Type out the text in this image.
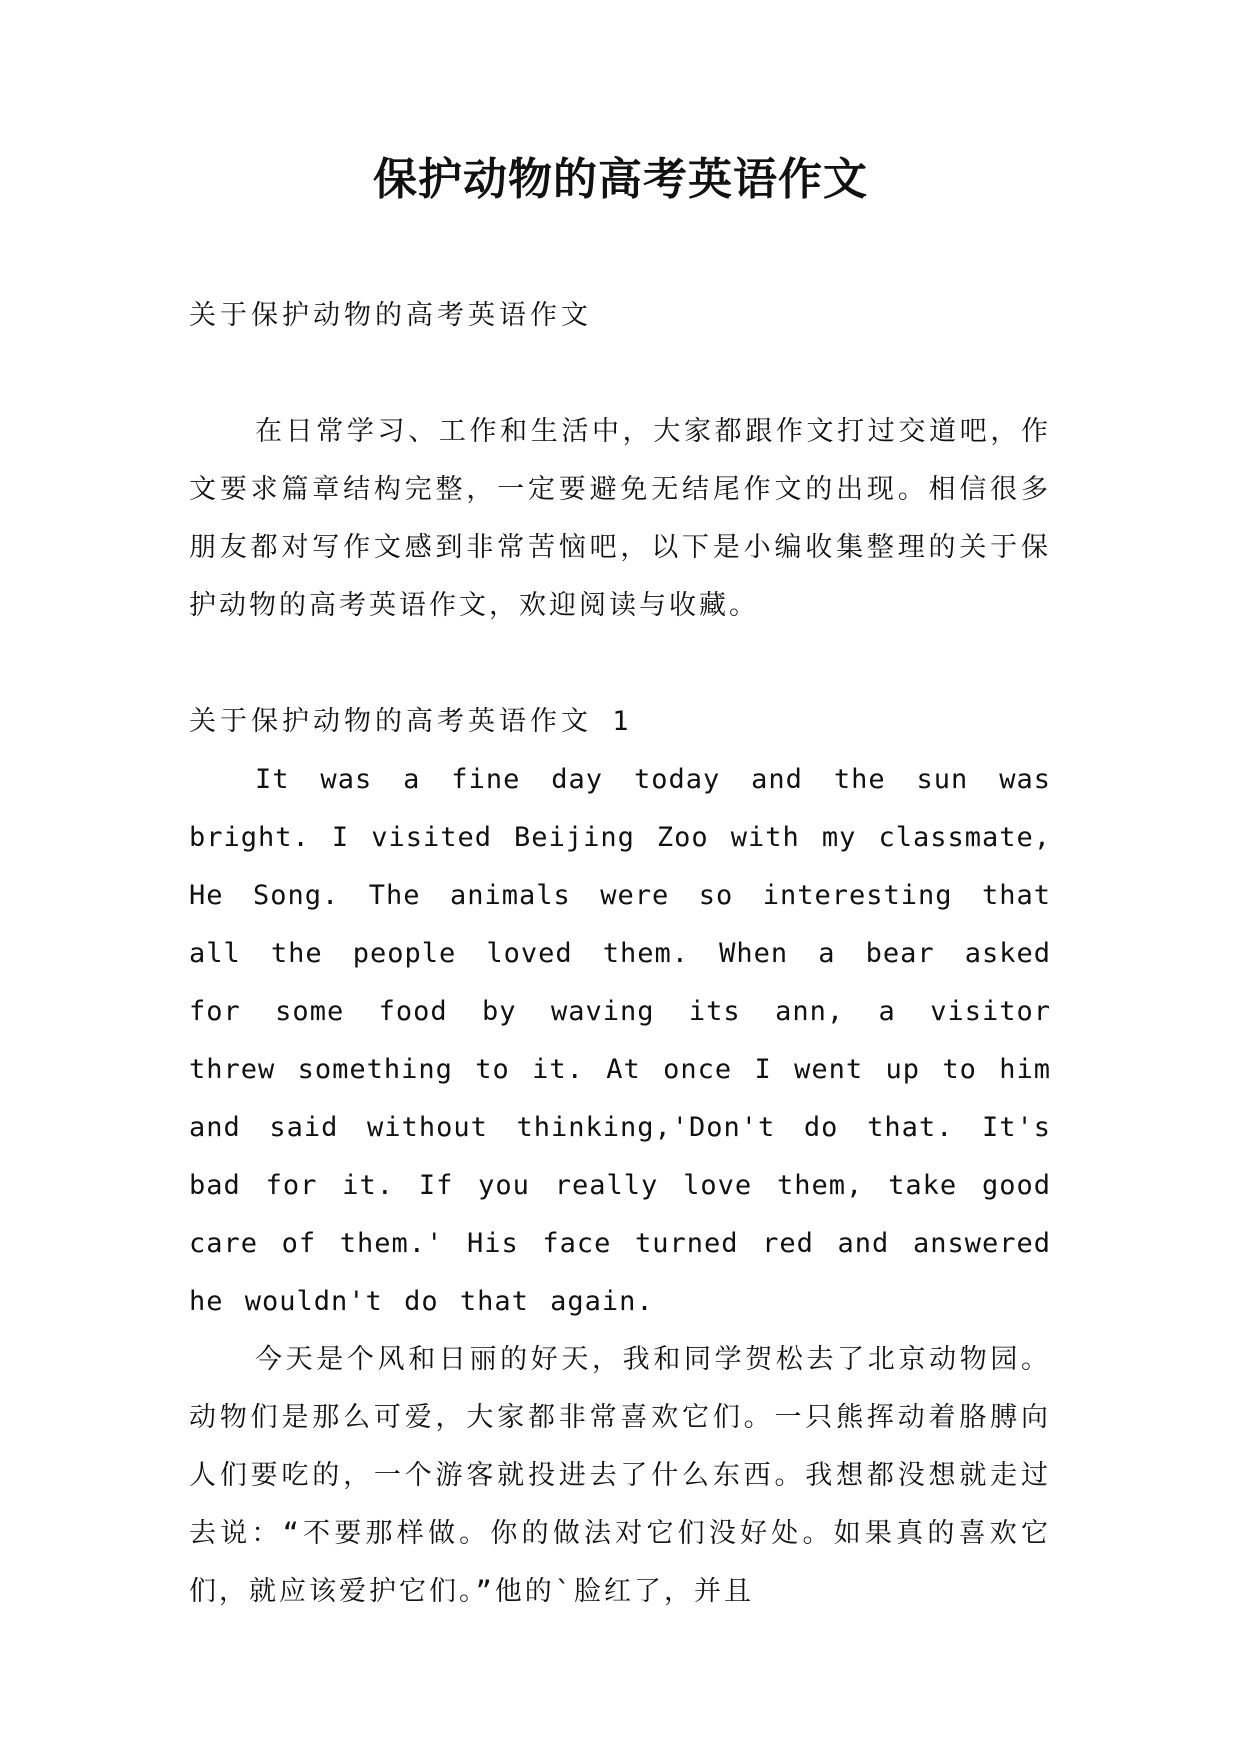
保护动物的高考英语作文

关于保护动物的高考英语作文

在日常学习、工作和生活中，大家都跟作文打过交道吧，作文要求篇章结构完整，一定要避免无结尾作文的出现。相信很多朋友都对写作文感到非常苦恼吧，以下是小编收集整理的关于保护动物的高考英语作文，欢迎阅读与收藏。

关于保护动物的高考英语作文 1

It was a fine day today and the sun was bright. I visited Beijing Zoo with my classmate, He Song. The animals were so interesting that all the people loved them. When a bear asked for some food by waving its ann, a visitor threw something to it. At once I went up to him and said without thinking,'Don't do that. It's bad for it. If you really love them, take good care of them.' His face turned red and answered he wouldn't do that again.

今天是个风和日丽的好天，我和同学贺松去了北京动物园。动物们是那么可爱，大家都非常喜欢它们。一只熊挥动着胳膊向人们要吃的，一个游客就投进去了什么东西。我想都没想就走过去说：“不要那样做。你的做法对它们没好处。如果真的喜欢它们，就应该爱护它们。”他的`脸红了，并且
